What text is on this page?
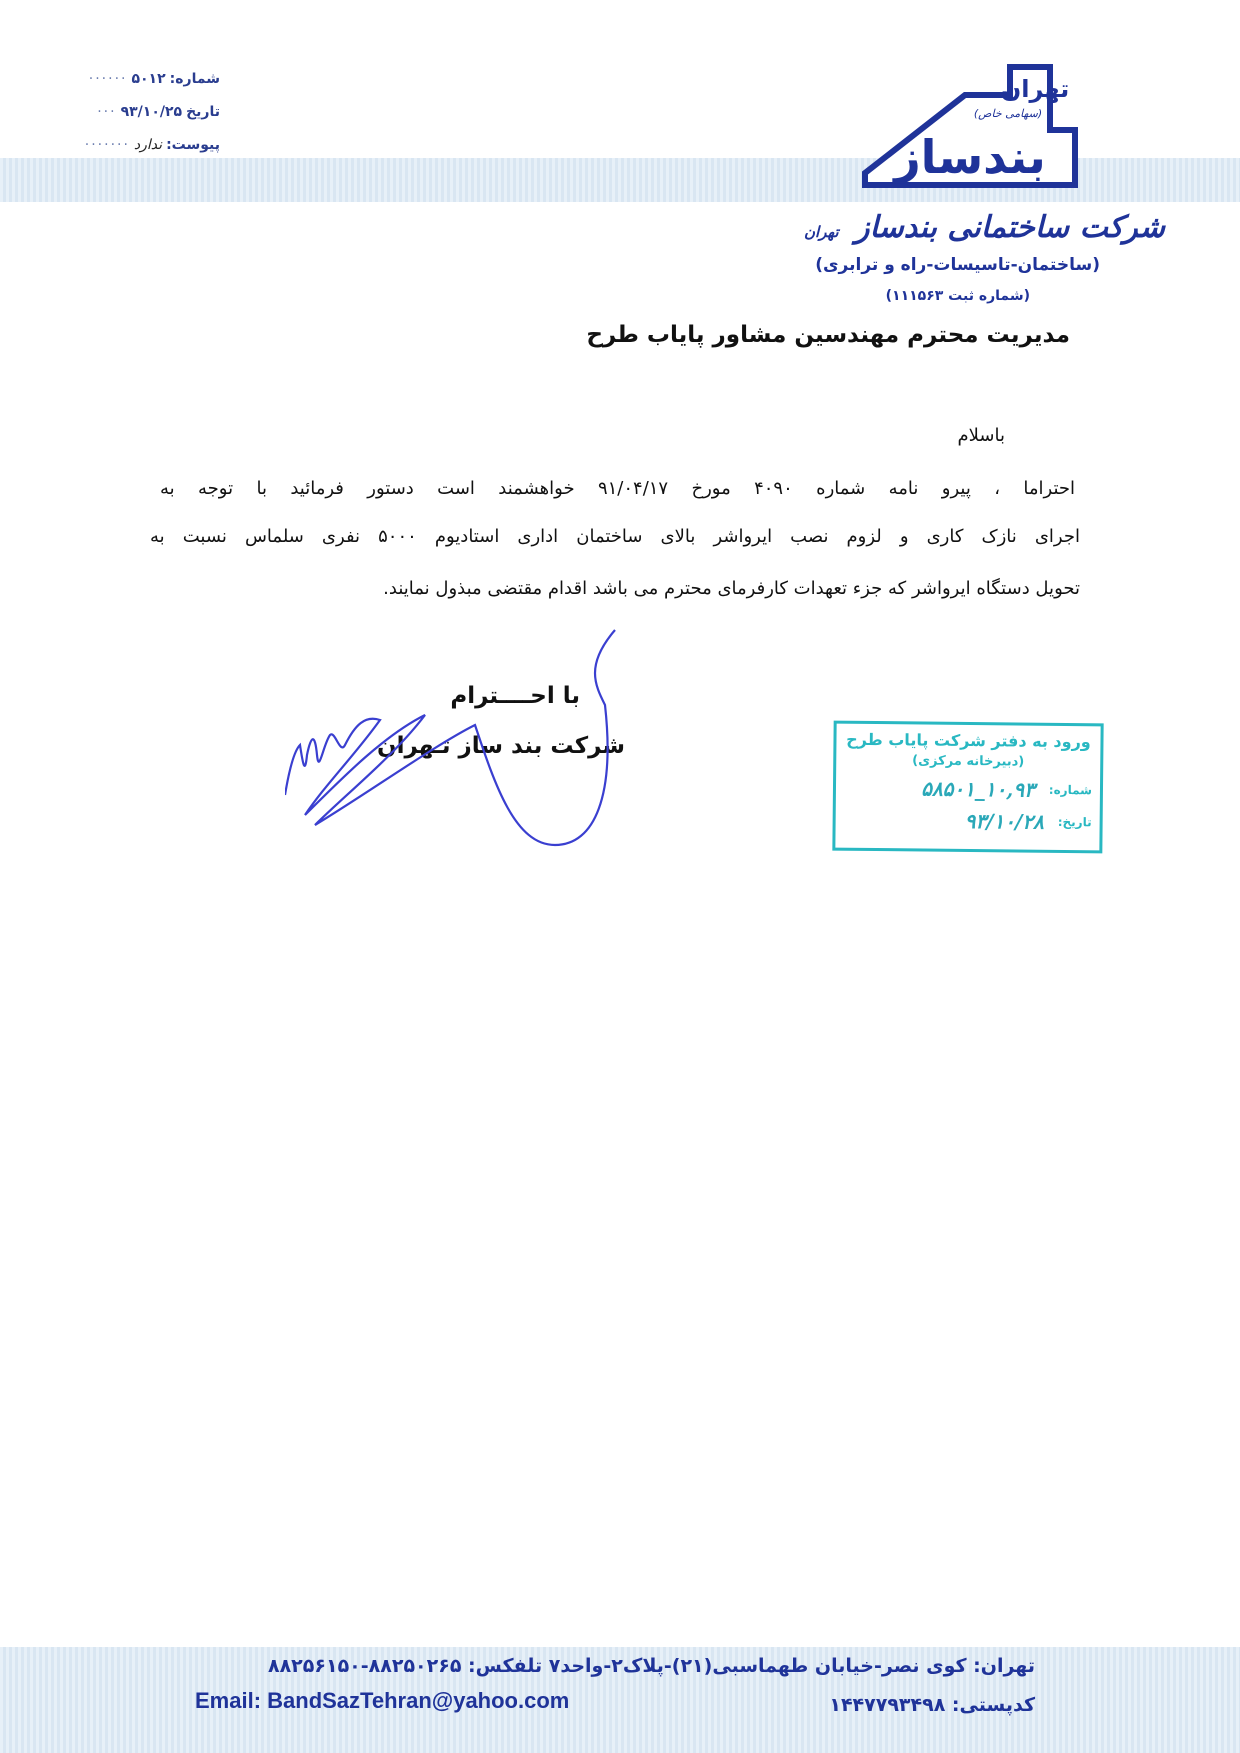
شماره:
۵۰۱۲
······
تاریخ
۹۳/۱۰/۲۵
···
پیوست:
ندارد
·······
تهران
(سهامی خاص)
بندساز
شرکت ساختمانی بندساز تهران
(ساختمان-تاسیسات-راه و ترابری)
(شماره ثبت ۱۱۱۵۶۳)
مدیریت محترم مهندسین مشاور پایاب طرح
باسلام
احتراما ، پیرو نامه شماره ۴۰۹۰ مورخ ۹۱/۰۴/۱۷ خواهشمند است دستور فرمائید با توجه به
اجرای نازک کاری و لزوم نصب ایرواشر بالای ساختمان اداری استادیوم ۵۰۰۰ نفری سلماس نسبت به
تحویل دستگاه ایرواشر که جزء تعهدات کارفرمای محترم می باشد اقدام مقتضی مبذول نمایند.
با احــــترام
شرکت بند ساز تـهران	ورود به دفتر شرکت پایاب طرح
(دبیرخانه مرکزی)
شماره:
۱۰,۹۳_۵۸۵۰۱
تاریخ:
۹۳/۱۰/۲۸
تهران: کوی نصر-خیابان طهماسبی(۲۱)-پلاک۲-واحد۷ تلفکس: ۸۸۲۵۰۲۶۵-۸۸۲۵۶۱۵۰
Email: BandSazTehran@yahoo.com	کدپستی: ۱۴۴۷۷۹۳۴۹۸
